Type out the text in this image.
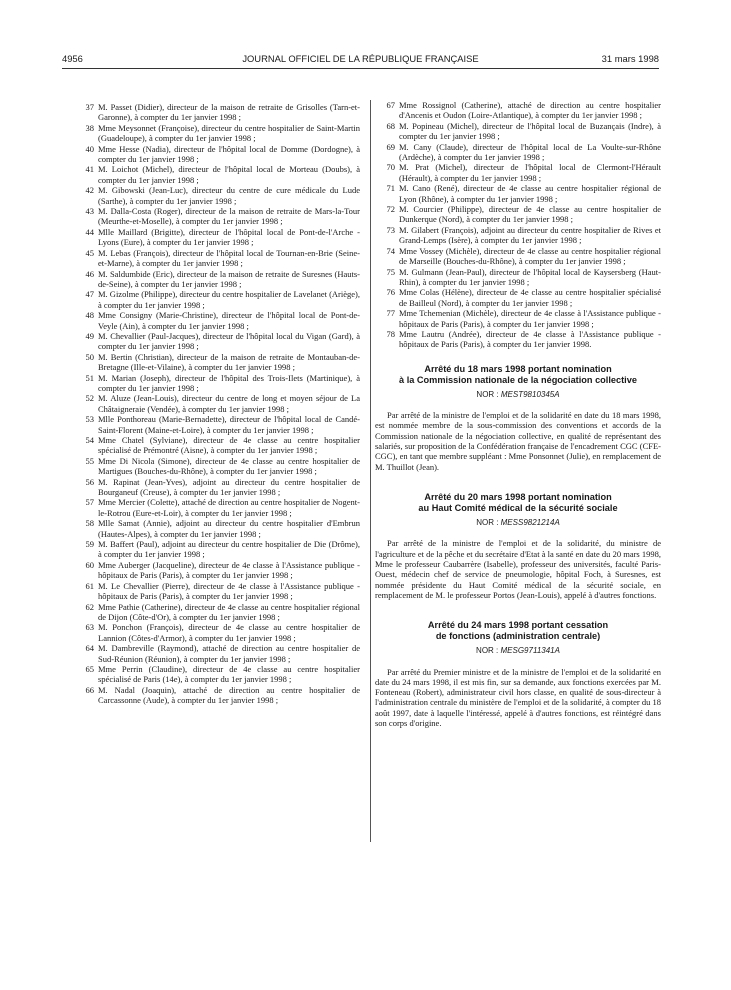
4956	JOURNAL OFFICIEL DE LA RÉPUBLIQUE FRANÇAISE	31 mars 1998
37 M. Passet (Didier), directeur de la maison de retraite de Grisolles (Tarn-et-Garonne), à compter du 1er janvier 1998 ;
38 Mme Meysonnet (Françoise), directeur du centre hospitalier de Saint-Martin (Guadeloupe), à compter du 1er janvier 1998 ;
40 Mme Hesse (Nadia), directeur de l'hôpital local de Domme (Dordogne), à compter du 1er janvier 1998 ;
41 M. Loichot (Michel), directeur de l'hôpital local de Morteau (Doubs), à compter du 1er janvier 1998 ;
42 M. Gibowski (Jean-Luc), directeur du centre de cure médicale du Lude (Sarthe), à compter du 1er janvier 1998 ;
43 M. Dalla-Costa (Roger), directeur de la maison de retraite de Mars-la-Tour (Meurthe-et-Moselle), à compter du 1er janvier 1998 ;
44 Mlle Maillard (Brigitte), directeur de l'hôpital local de Pont-de-l'Arche - Lyons (Eure), à compter du 1er janvier 1998 ;
45 M. Lebas (François), directeur de l'hôpital local de Tournan-en-Brie (Seine-et-Marne), à compter du 1er janvier 1998 ;
46 M. Saldumbide (Eric), directeur de la maison de retraite de Suresnes (Hauts-de-Seine), à compter du 1er janvier 1998 ;
47 M. Gizolme (Philippe), directeur du centre hospitalier de Lavelanet (Ariège), à compter du 1er janvier 1998 ;
48 Mme Consigny (Marie-Christine), directeur de l'hôpital local de Pont-de-Veyle (Ain), à compter du 1er janvier 1998 ;
49 M. Chevallier (Paul-Jacques), directeur de l'hôpital local du Vigan (Gard), à compter du 1er janvier 1998 ;
50 M. Bertin (Christian), directeur de la maison de retraite de Montauban-de-Bretagne (Ille-et-Vilaine), à compter du 1er janvier 1998 ;
51 M. Marian (Joseph), directeur de l'hôpital des Trois-Ilets (Martinique), à compter du 1er janvier 1998 ;
52 M. Aluze (Jean-Louis), directeur du centre de long et moyen séjour de La Châtaigneraie (Vendée), à compter du 1er janvier 1998 ;
53 Mlle Ponthoreau (Marie-Bernadette), directeur de l'hôpital local de Candé-Saint-Florent (Maine-et-Loire), à compter du 1er janvier 1998 ;
54 Mme Chatel (Sylviane), directeur de 4e classe au centre hospitalier spécialisé de Prémontré (Aisne), à compter du 1er janvier 1998 ;
55 Mme Di Nicola (Simone), directeur de 4e classe au centre hospitalier de Martigues (Bouches-du-Rhône), à compter du 1er janvier 1998 ;
56 M. Rapinat (Jean-Yves), adjoint au directeur du centre hospitalier de Bourganeuf (Creuse), à compter du 1er janvier 1998 ;
57 Mme Mercier (Colette), attaché de direction au centre hospitalier de Nogent-le-Rotrou (Eure-et-Loir), à compter du 1er janvier 1998 ;
58 Mlle Samat (Annie), adjoint au directeur du centre hospitalier d'Embrun (Hautes-Alpes), à compter du 1er janvier 1998 ;
59 M. Baffert (Paul), adjoint au directeur du centre hospitalier de Die (Drôme), à compter du 1er janvier 1998 ;
60 Mme Auberger (Jacqueline), directeur de 4e classe à l'Assistance publique - hôpitaux de Paris (Paris), à compter du 1er janvier 1998 ;
61 M. Le Chevallier (Pierre), directeur de 4e classe à l'Assistance publique - hôpitaux de Paris (Paris), à compter du 1er janvier 1998 ;
62 Mme Pathie (Catherine), directeur de 4e classe au centre hospitalier régional de Dijon (Côte-d'Or), à compter du 1er janvier 1998 ;
63 M. Ponchon (François), directeur de 4e classe au centre hospitalier de Lannion (Côtes-d'Armor), à compter du 1er janvier 1998 ;
64 M. Dambreville (Raymond), attaché de direction au centre hospitalier de Sud-Réunion (Réunion), à compter du 1er janvier 1998 ;
65 Mme Perrin (Claudine), directeur de 4e classe au centre hospitalier spécialisé de Paris (14e), à compter du 1er janvier 1998 ;
66 M. Nadal (Joaquin), attaché de direction au centre hospitalier de Carcassonne (Aude), à compter du 1er janvier 1998 ;
67 Mme Rossignol (Catherine), attaché de direction au centre hospitalier d'Ancenis et Oudon (Loire-Atlantique), à compter du 1er janvier 1998 ;
68 M. Popineau (Michel), directeur de l'hôpital local de Buzançais (Indre), à compter du 1er janvier 1998 ;
69 M. Cany (Claude), directeur de l'hôpital local de La Voulte-sur-Rhône (Ardèche), à compter du 1er janvier 1998 ;
70 M. Prat (Michel), directeur de l'hôpital local de Clermont-l'Hérault (Hérault), à compter du 1er janvier 1998 ;
71 M. Cano (René), directeur de 4e classe au centre hospitalier régional de Lyon (Rhône), à compter du 1er janvier 1998 ;
72 M. Courcier (Philippe), directeur de 4e classe au centre hospitalier de Dunkerque (Nord), à compter du 1er janvier 1998 ;
73 M. Gilabert (François), adjoint au directeur du centre hospitalier de Rives et Grand-Lemps (Isère), à compter du 1er janvier 1998 ;
74 Mme Vossey (Michèle), directeur de 4e classe au centre hospitalier régional de Marseille (Bouches-du-Rhône), à compter du 1er janvier 1998 ;
75 M. Gulmann (Jean-Paul), directeur de l'hôpital local de Kaysersberg (Haut-Rhin), à compter du 1er janvier 1998 ;
76 Mme Colas (Hélène), directeur de 4e classe au centre hospitalier spécialisé de Bailleul (Nord), à compter du 1er janvier 1998 ;
77 Mme Tchemenian (Michèle), directeur de 4e classe à l'Assistance publique - hôpitaux de Paris (Paris), à compter du 1er janvier 1998 ;
78 Mme Lautru (Andrée), directeur de 4e classe à l'Assistance publique - hôpitaux de Paris (Paris), à compter du 1er janvier 1998.
Arrêté du 18 mars 1998 portant nomination
à la Commission nationale de la négociation collective
NOR : MEST9810345A
Par arrêté de la ministre de l'emploi et de la solidarité en date du 18 mars 1998, est nommée membre de la sous-commission des conventions et accords de la Commission nationale de la négociation collective, en qualité de représentant des salariés, sur proposition de la Confédération française de l'encadrement CGC (CFE-CGC), en tant que membre suppléant : Mme Ponsonnet (Julie), en remplacement de M. Thuillot (Jean).
Arrêté du 20 mars 1998 portant nomination
au Haut Comité médical de la sécurité sociale
NOR : MESS9821214A
Par arrêté de la ministre de l'emploi et de la solidarité, du ministre de l'agriculture et de la pêche et du secrétaire d'Etat à la santé en date du 20 mars 1998, Mme le professeur Caubarrère (Isabelle), professeur des universités, faculté Paris-Ouest, médecin chef de service de pneumologie, hôpital Foch, à Suresnes, est nommée présidente du Haut Comité médical de la sécurité sociale, en remplacement de M. le professeur Portos (Jean-Louis), appelé à d'autres fonctions.
Arrêté du 24 mars 1998 portant cessation
de fonctions (administration centrale)
NOR : MESG9711341A
Par arrêté du Premier ministre et de la ministre de l'emploi et de la solidarité en date du 24 mars 1998, il est mis fin, sur sa demande, aux fonctions exercées par M. Fonteneau (Robert), administrateur civil hors classe, en qualité de sous-directeur à l'administration centrale du ministère de l'emploi et de la solidarité, à compter du 18 août 1997, date à laquelle l'intéressé, appelé à d'autres fonctions, est réintégré dans son corps d'origine.
